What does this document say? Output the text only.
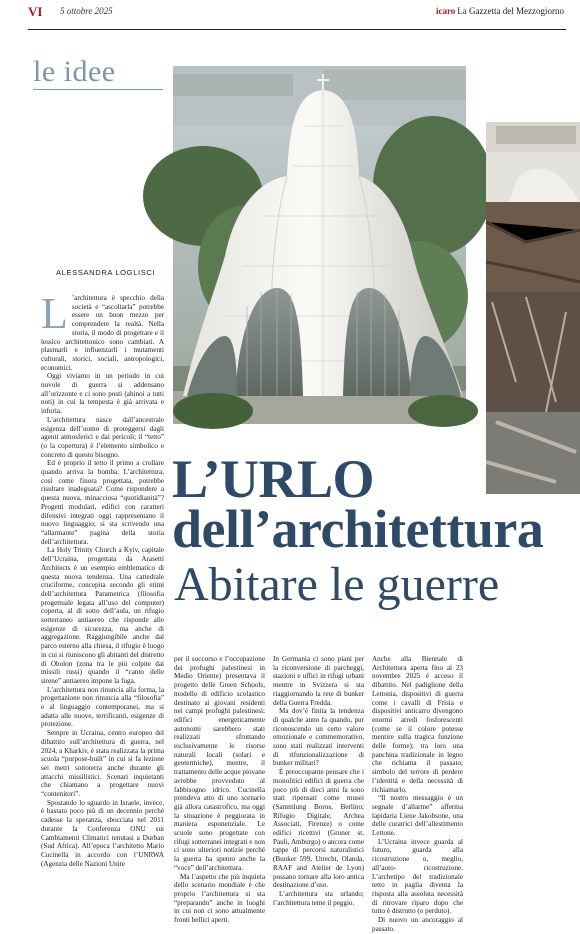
VI 5 ottobre 2025	icaro La Gazzetta del Mezzogiorno
le idee
ALESSANDRA LOGLISCI
L’URLO
dell’architettura
Abitare le guerre
L ’architettura è specchio della società e “ascoltarla” potrebbe essere un buon mezzo per comprendere la realtà. Nella storia, il modo di progettare e il lessico architettonico sono cambiati. A plasmarli e influenzarli i mutamenti culturali, storici, sociali, antropologici, economici.

Oggi viviamo in un periodo in cui nuvole di guerra si addensano all’orizzonte e ci sono posti (ahinoi a tutti noti) in cui la tempesta è già arrivata e infuria.

L’architettura nasce dall’ancestrale esigenza dell’uomo di proteggersi dagli agenti atmosferici e dai pericoli; il “tetto” (o la copertura) è l’elemento simbolico e concreto di questo bisogno.

Ed è proprio il tetto il primo a crollare quando arriva la bomba. L’architettura, così come finora progettata, potrebbe risultare inadeguata? Come rispondere a questa nuova, minacciosa “quotidianità”? Progetti modulari, edifici con caratteri difensivi integrati oggi rappresentano il nuovo linguaggio; si sta scrivendo una “allarmante” pagina della storia dell’architettura.

La Holy Trinity Church a Kyiv, capitale dell’Ucraina, progettata da Arasetti Architects è un esempio emblematico di questa nuova tendenza. Una cattedrale cruciforme, concepita secondo gli etimi dell’architettura Parametrica (filosofia progettuale legata all’uso del computer) coperta, al di sotto dell’aula, un rifugio sotterraneo antiaereo che risponde alle esigenze di sicurezza, ma anche di aggregazione. Raggiungibile anche dal parco esterno alla chiesa, il rifugio è luogo in cui si riuniscono gli abitanti del distretto di Obolon (zona tra le più colpite dai missili russi) quando il “canto delle sirene” antiaereo impone la fuga.

L’architettura non rinuncia alla forma, la progettazione non rinuncia alla “filosofia” e al linguaggio contemporanei, ma si adatta alle nuove, terrificanti, esigenze di protezione.

Sempre in Ucraina, centro europeo del dibattito sull’architettura di guerra, nel 2024, a Kharkiv, è stata realizzata la prima scuola “purpose-built” in cui si fa lezione sei metri sottoterra anche durante gli attacchi missilistici. Scenari inquietanti che chiamano a progettare nuovi “contenitori”.

Spostando lo sguardo in Israele, invece, è bastato poco più di un decennio perché cadesse la speranza, sbocciata nel 2011 durante la Conferenza ONU sui Cambiamenti Climatici tenutasi a Durban (Sud Africa). All’epoca l’architetto Mario Cucinella in accordo con l’UNRWA (Agenzia delle Nazioni Unite

per il soccorso e l’occupazione dei profughi palestinesi in Medio Oriente) presentava il progetto delle Green Schools, modello di edificio scolastico destinato ai giovani residenti nei campi profughi palestinesi; edifici energeticamente autonomi sarebbero stati realizzati sfruttando esclusivamente le risorse naturali locali (solari e geotermiche), mentre, il trattamento delle acque piovane avrebbe provveduto al fabbisogno idrico. Cucinella prendeva atto di uno scenario già allora catastrofico, ma oggi la situazione è peggiorata in maniera esponenziale. Le scuole sono progettate con rifugi sotterranei integrati e non ci sono ulteriori notizie perché la guerra ha spento anche la “voce” dell’architettura.

Ma l’aspetto che più inquieta dello scenario mondiale è che proprio l’architettura si sta “preparando” anche in luoghi in cui non ci sono attualmente fronti bellici aperti.

In Germania ci sono piani per la riconversione di parcheggi, stazioni e uffici in rifugi urbani mentre in Svizzera si sta riaggiornando la rete di bunker della Guerra Fredda.

Ma dov’è finita la tendenza di qualche anno fa quando, pur riconoscendo un certo valore emozionale e commemorativo, sono stati realizzati interventi di rifunzionalizzazione di bunker militari?

È preoccupante pensare che i monolitici edifici di guerra che poco più di dieci anni fa sono stati ripensati come musei (Sammlung Boros, Berlino; Rifugio Digitale, Archea Associati, Firenze) o come edifici ricettivi (Gruner st. Pauli, Amburgo) o ancora come tappe di percorsi naturalistici (Bunker 599, Utrecht, Olanda, RAAF and Atelier de Lyon) possano tornare alla loro antica destinazione d’uso.

L’architettura sta urlando; l’architettura teme il peggio.

Anche alla Biennale di Architettura aperta fino al 23 novembre 2025 è acceso il dibattito. Nel padiglione della Lettonia, dispositivi di guerra come i cavalli di Frisia e dispositivi anticarro divengono enormi arredi fosforescenti (come se il colore potesse mentire sulla tragica funzione delle forme); tra loro una panchina tradizionale in legno che richiama il passato; simbolo del terrore di perdere l’identità e della necessità di richiamarlo.

“Il nostro messaggio è un segnale d’allarme” afferma lapidaria Liene Jakobsone, una delle curatrici dell’allestimento Lettone.

L’Ucraina invece guarda al futuro, guarda alla ricostruzione o, meglio, all’auto- ricostruzione. L’archetipo del tradizionale tetto in paglia diventa la risposta alla assoluta necessità di ritrovare riparo dopo che tutto è distrutto (o perduto).

Di nuovo un ancoraggio al passato.
